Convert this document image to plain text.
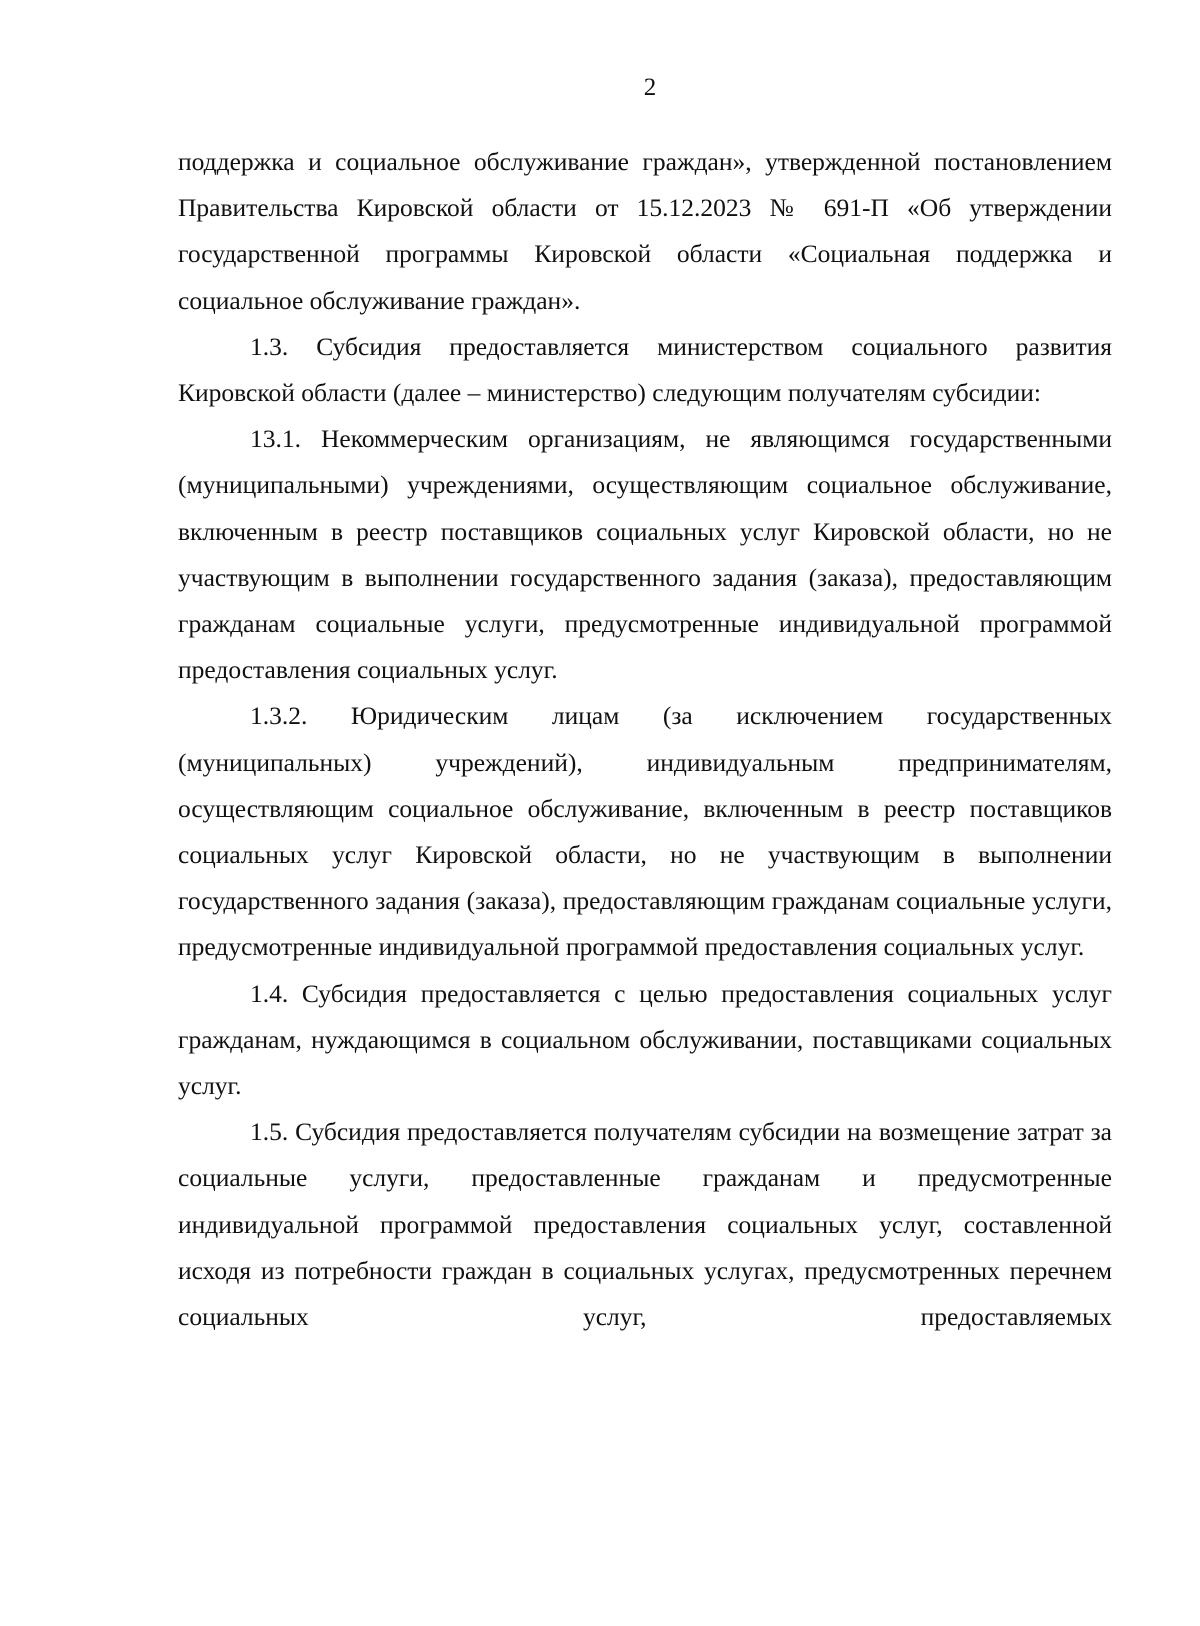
2

поддержка и социальное обслуживание граждан», утвержденной постановлением Правительства Кировской области от 15.12.2023 № 691-П «Об утверждении государственной программы Кировской области «Социальная поддержка и социальное обслуживание граждан».

1.3. Субсидия предоставляется министерством социального развития Кировской области (далее – министерство) следующим получателям субсидии:

13.1. Некоммерческим организациям, не являющимся государственными (муниципальными) учреждениями, осуществляющим социальное обслуживание, включенным в реестр поставщиков социальных услуг Кировской области, но не участвующим в выполнении государственного задания (заказа), предоставляющим гражданам социальные услуги, предусмотренные индивидуальной программой предоставления социальных услуг.

1.3.2. Юридическим лицам (за исключением государственных (муниципальных) учреждений), индивидуальным предпринимателям, осуществляющим социальное обслуживание, включенным в реестр поставщиков социальных услуг Кировской области, но не участвующим в выполнении государственного задания (заказа), предоставляющим гражданам социальные услуги, предусмотренные индивидуальной программой предоставления социальных услуг.

1.4. Субсидия предоставляется с целью предоставления социальных услуг гражданам, нуждающимся в социальном обслуживании, поставщиками социальных услуг.

1.5. Субсидия предоставляется получателям субсидии на возмещение затрат за социальные услуги, предоставленные гражданам и предусмотренные индивидуальной программой предоставления социальных услуг, составленной исходя из потребности граждан в социальных услугах, предусмотренных перечнем социальных услуг, предоставляемых
